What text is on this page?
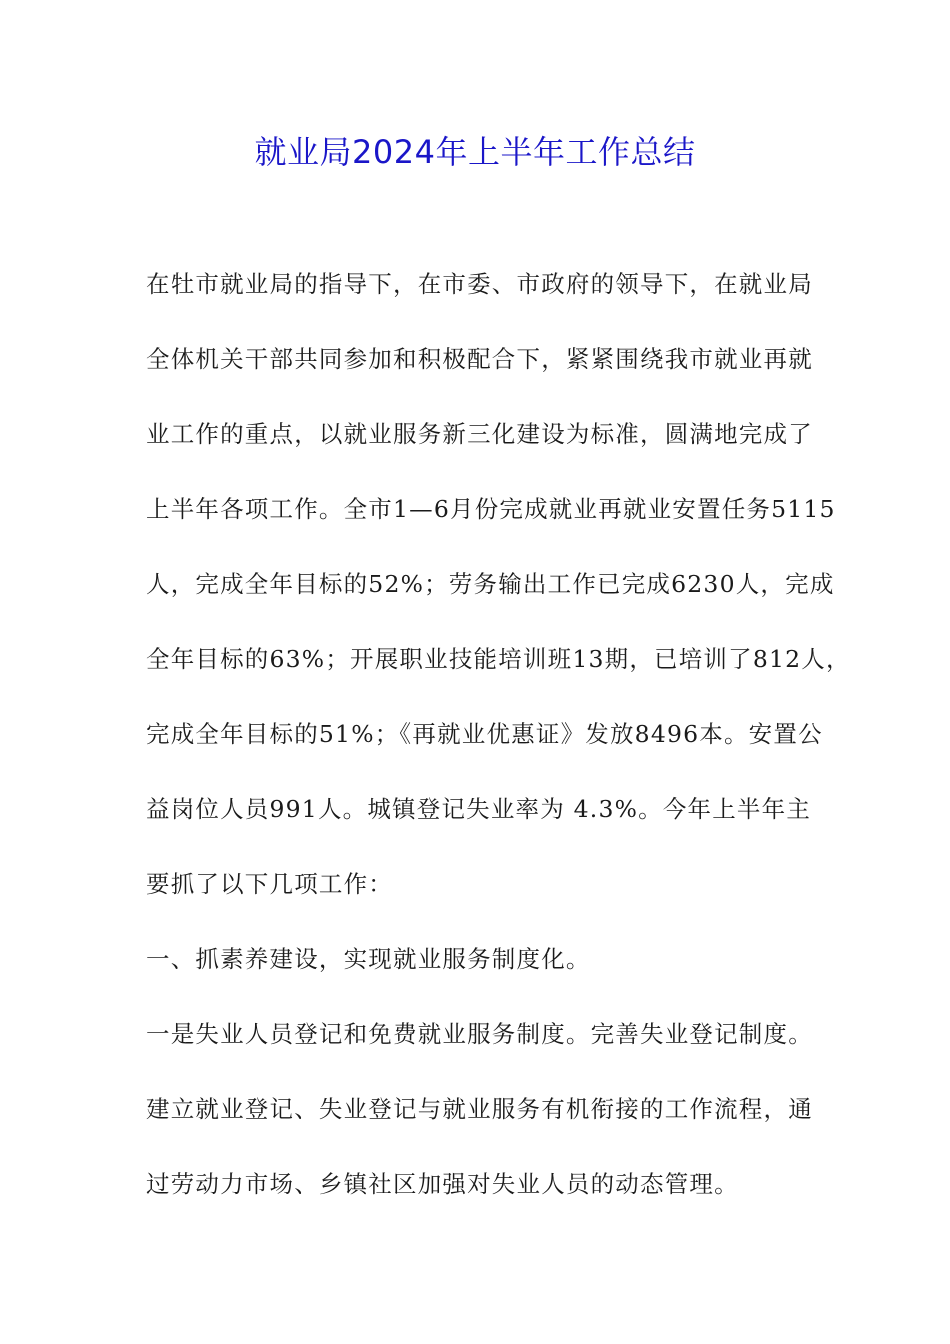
就业局2024年上半年工作总结
在牡市就业局的指导下，在市委、市政府的领导下，在就业局
全体机关干部共同参加和积极配合下，紧紧围绕我市就业再就
业工作的重点，以就业服务新三化建设为标准，圆满地完成了
上半年各项工作。全市1—6月份完成就业再就业安置任务5115
人，完成全年目标的52%；劳务输出工作已完成6230人，完成
全年目标的63%；开展职业技能培训班13期，已培训了812人，
完成全年目标的51%；《再就业优惠证》发放8496本。安置公
益岗位人员991人。城镇登记失业率为 4.3%。今年上半年主
要抓了以下几项工作：
一、抓素养建设，实现就业服务制度化。
一是失业人员登记和免费就业服务制度。完善失业登记制度。
建立就业登记、失业登记与就业服务有机衔接的工作流程，通
过劳动力市场、乡镇社区加强对失业人员的动态管理。
